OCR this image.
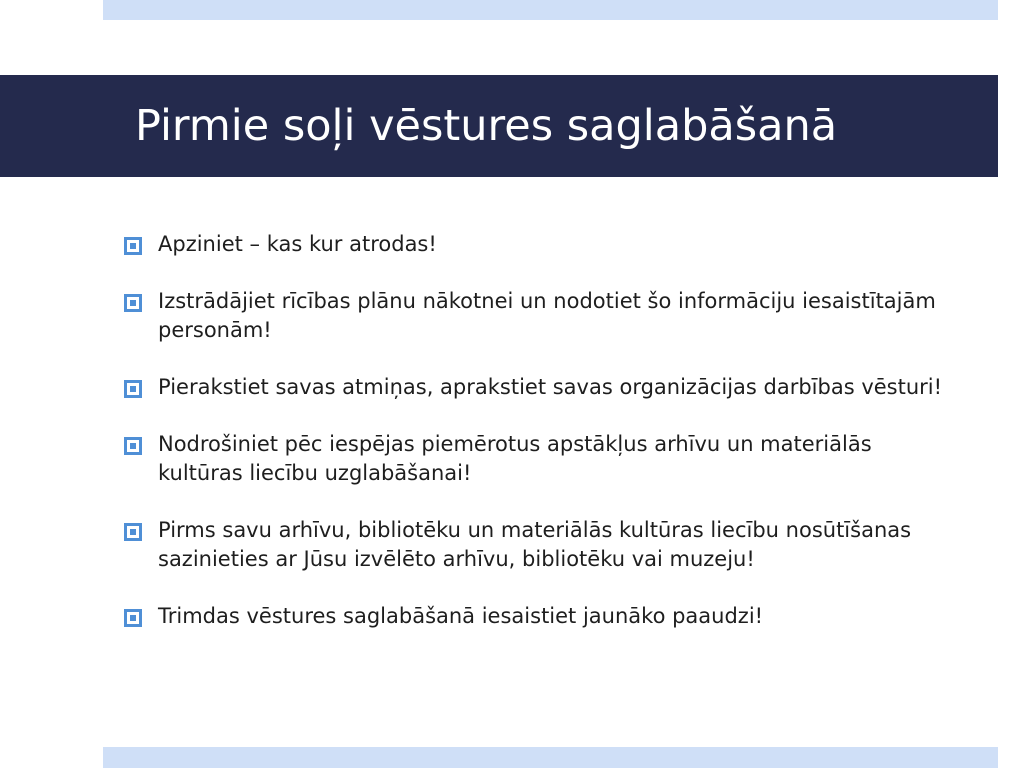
Pirmie soļi vēstures saglabāšanā
Apziniet – kas kur atrodas!
Izstrādājiet rīcības plānu nākotnei un nodotiet šo informāciju iesaistītajām personām!
Pierakstiet savas atmiņas, aprakstiet savas organizācijas darbības vēsturi!
Nodrošiniet pēc iespējas piemērotus apstākļus arhīvu un materiālās kultūras liecību uzglabāšanai!
Pirms savu arhīvu, bibliotēku un materiālās kultūras liecību nosūtīšanas sazinieties ar Jūsu izvēlēto arhīvu, bibliotēku vai muzeju!
Trimdas vēstures saglabāšanā iesaistiet jaunāko paaudzi!
